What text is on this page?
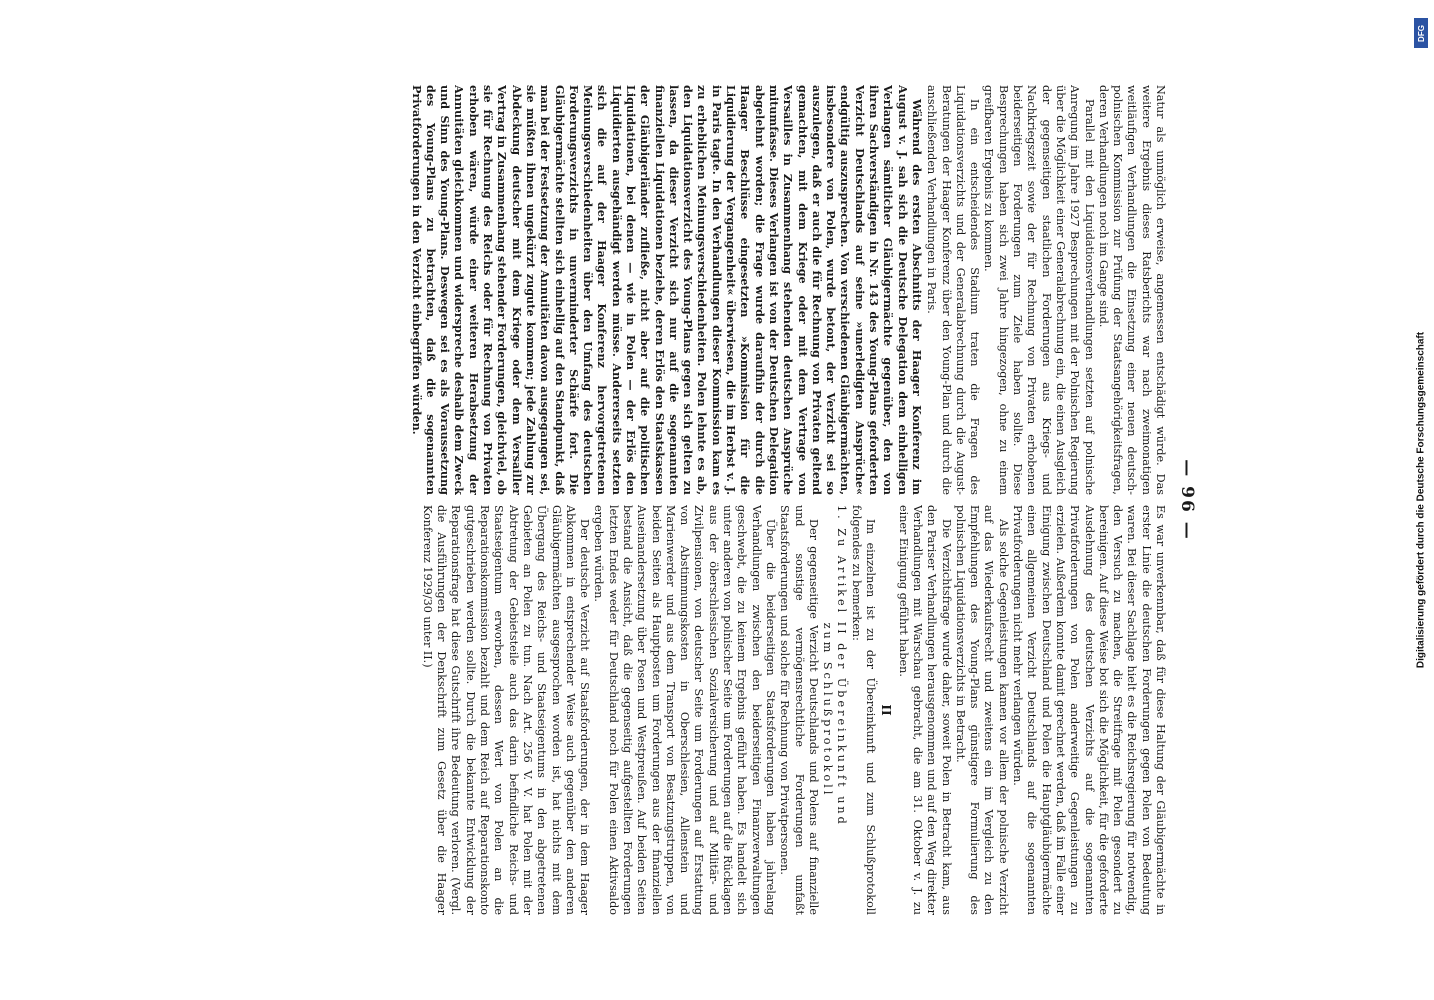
— 96 —

Natur als unmöglich erweise, angemessen entschädigt würde. Das weitere Ergebnis dieses Ratsberichts war nach zweimonatigen weitläufigen Verhandlungen die Einsetzung einer neuen deutsch-polnischen Kommission zur Prüfung der Staatsangehörigkeitsfragen, deren Verhandlungen noch im Gange sind.

Parallel mit den Liquidationsverhandlungen setzten auf polnische Anregung im Jahre 1927 Besprechungen mit der Polnischen Regierung über die Möglichkeit einer Generalabrechnung ein, die einen Ausgleich der gegenseitigen staatlichen Forderungen aus Kriegs- und Nachkriegszeit sowie der für Rechnung von Privaten erhobenen beiderseitigen Forderungen zum Ziele haben sollte. Diese Besprechungen haben sich zwei Jahre hingezogen, ohne zu einem greifbaren Ergebnis zu kommen.

In ein entscheidendes Stadium traten die Fragen des Liquidationsverzichts und der Generalabrechnung durch die August-Beratungen der Haager Konferenz über den Young-Plan und durch die anschließenden Verhandlungen in Paris.

Während des ersten Abschnitts der Haager Konferenz im August v. J. sah sich die Deutsche Delegation dem einhelligen Verlangen sämtlicher Gläubigermächte gegenüber, den von ihren Sachverständigen in Nr. 143 des Young-Plans geforderten Verzicht Deutschlands auf seine »unerledigten Ansprüche« endgültig auszusprechen. Von verschiedenen Gläubigermächten, insbesondere von Polen, wurde betont, der Verzicht sei so auszulegen, daß er auch die für Rechnung von Privaten geltend gemachten, mit dem Kriege oder mit dem Vertrage von Versailles in Zusammenhang stehenden deutschen Ansprüche mitumfasse. Dieses Verlangen ist von der Deutschen Delegation abgelehnt worden; die Frage wurde daraufhin der durch die Haager Beschlüsse eingesetzten »Kommission für die Liquidierung der Vergangenheit« überwiesen, die im Herbst v. J. in Paris tagte. In den Verhandlungen dieser Kommission kam es zu erheblichen Meinungsverschiedenheiten. Polen lehnte es ab, den Liquidationsverzicht des Young-Plans gegen sich gelten zu lassen, da dieser Verzicht sich nur auf die sogenannten finanziellen Liquidationen beziehe, deren Erlös den Staatskassen der Gläubigerländer zufließe, nicht aber auf die politischen Liquidationen, bei denen — wie in Polen — der Erlös den Liquidierten ausgehändigt werden müsse. Andererseits setzten sich die auf der Haager Konferenz hervorgetretenen Meinungsverschiedenheiten über den Umfang des deutschen Forderungsverzichts in unverminderter Schärfe fort. Die Gläubigermächte stellten sich einhellig auf den Standpunkt, daß man bei der Festsetzung der Annuitäten davon ausgegangen sei, sie müßten ihnen ungekürzt zugute kommen; jede Zahlung zur Abdeckung deutscher mit dem Kriege oder dem Versailler Vertrag in Zusammenhang stehender Forderungen, gleichviel, ob sie für Rechnung des Reichs oder für Rechnung von Privaten erhoben wären, würde einer weiteren Herabsetzung der Annuitäten gleichkommen und widerspreche deshalb dem Zweck und Sinn des Young-Plans. Deswegen sei es als Voraussetzung des Young-Plans zu betrachten, daß die sogenannten Privatforderungen in den Verzicht einbegriffen würden.

Es war unverkennbar, daß für diese Haltung der Gläubigermächte in erster Linie die deutschen Forderungen gegen Polen von Bedeutung waren. Bei dieser Sachlage hielt es die Reichsregierung für notwendig, den Versuch zu machen, die Streitfrage mit Polen gesondert zu bereinigen. Auf diese Weise bot sich die Möglichkeit, für die geforderte Ausdehnung des deutschen Verzichts auf die sogenannten Privatforderungen von Polen anderweitige Gegenleistungen zu erzielen. Außerdem konnte damit gerechnet werden, daß im Falle einer Einigung zwischen Deutschland und Polen die Hauptgläubigermächte einen allgemeinen Verzicht Deutschlands auf die sogenannten Privatforderungen nicht mehr verlangen würden.

Als solche Gegenleistungen kamen vor allem der polnische Verzicht auf das Wiederkaufsrecht und zweitens ein im Vergleich zu den Empfehlungen des Young-Plans günstigere Formulierung des polnischen Liquidationsverzichts in Betracht.

Die Verzichtsfrage wurde daher, soweit Polen in Betracht kam, aus den Pariser Verhandlungen herausgenommen und auf den Weg direkter Verhandlungen mit Warschau gebracht, die am 31. Oktober v. J. zu einer Einigung geführt haben.

II

Im einzelnen ist zu der Übereinkunft und zum Schlußprotokoll folgendes zu bemerken:

1. Zu Artikel II der Übereinkunft und

zum Schlußprotokoll

Der gegenseitige Verzicht Deutschlands und Polens auf finanzielle und sonstige vermögensrechtliche Forderungen umfaßt Staatsforderungen und solche für Rechnung von Privatpersonen.

Über die beiderseitigen Staatsforderungen haben jahrelang Verhandlungen zwischen den beiderseitigen Finanzverwaltungen geschwebt, die zu keinem Ergebnis geführt haben. Es handelt sich unter anderen von polnischer Seite um Forderungen auf die Rücklagen aus der öberschlesischen Sozialversicherung und auf Militär- und Zivilpensionen, von deutscher Seite um Forderungen auf Erstattung von Abstimmungskosten in Oberschlesien, Allenstein und Marienwerder und aus dem Transport von Besatzungstruppen, von beiden Seiten als Hauptposten um Forderungen aus der finanziellen Auseinandersetzung über Posen und Westpreußen. Auf beiden Seiten bestand die Ansicht, daß die gegenseitig aufgestellten Forderungen letzten Endes weder für Deutschland noch für Polen einen Aktivsaldo ergeben würden.

Der deutsche Verzicht auf Staatsforderungen, der in dem Haager Abkommen in entsprechender Weise auch gegenüber den anderen Gläubigermächten ausgesprochen worden ist, hat nichts mit dem Übergang des Reichs- und Staatseigentums in den abgetretenen Gebieten an Polen zu tun. Nach Art. 256 V. V. hat Polen mit der Abtretung der Gebietsteile auch das darin befindliche Reichs- und Staatseigentum erworben, dessen Wert von Polen an die Reparationskommission bezahlt und dem Reich auf Reparationskonto gutgeschrieben werden sollte. Durch die bekannte Entwicklung der Reparationsfrage hat diese Gutschrift ihre Bedeutung verloren. (Vergl. die Ausführungen der Denkschrift zum Gesetz über die Haager Konferenz 1929/30 unter II.)

DFG
Digitalisierung gefördert durch die Deutsche Forschungsgemeinschaft
